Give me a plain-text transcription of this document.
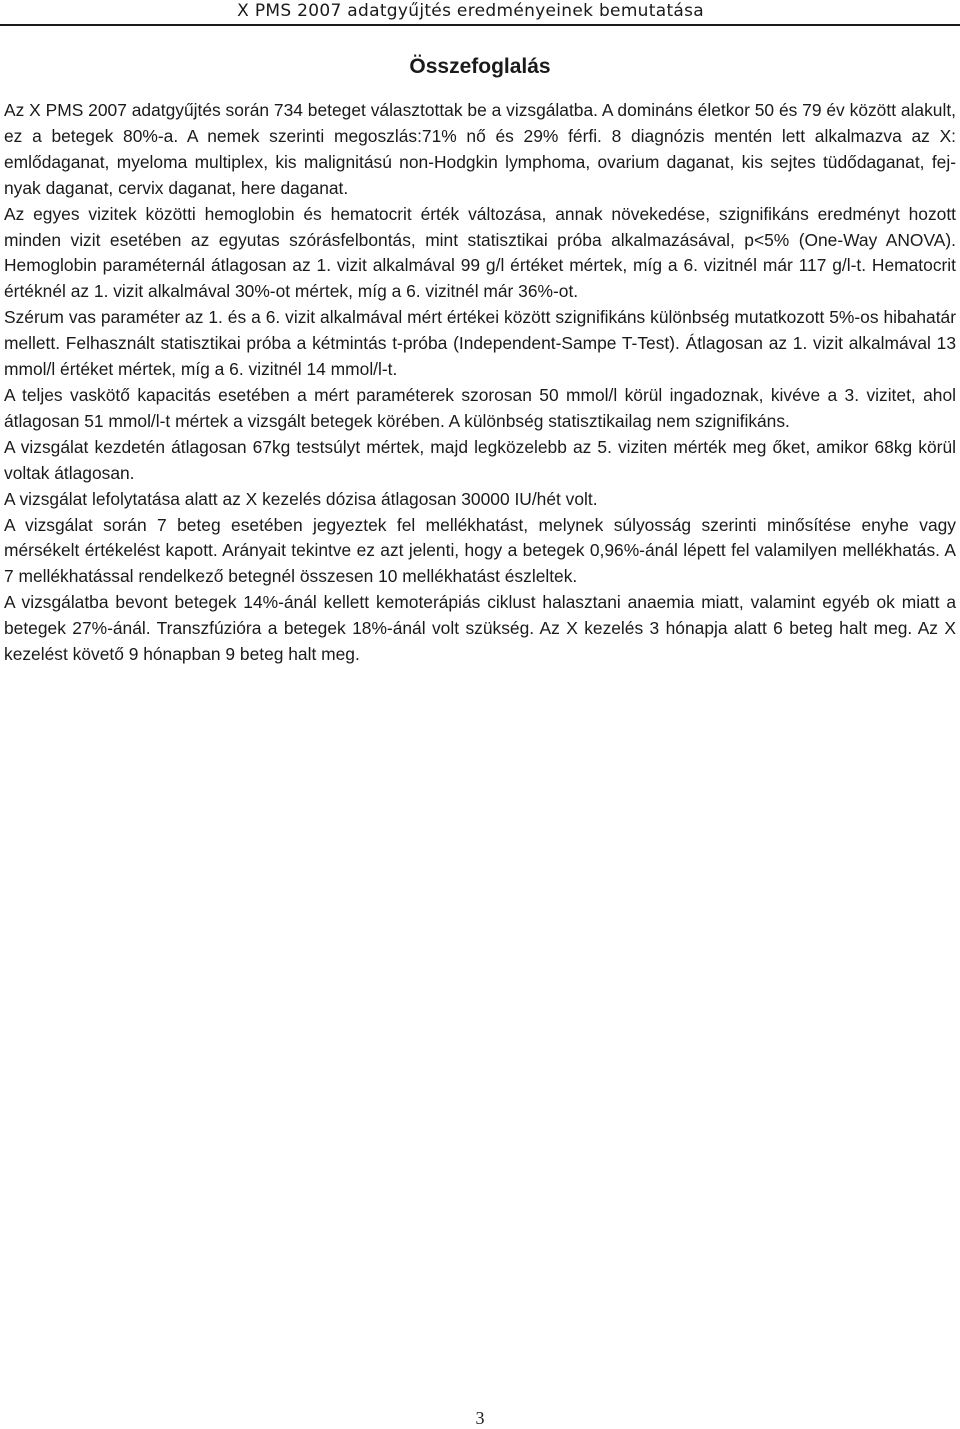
X PMS 2007 adatgyűjtés eredményeinek bemutatása
Összefoglalás

Az X PMS 2007 adatgyűjtés során 734 beteget választottak be a vizsgálatba. A domináns életkor 50 és 79 év között alakult, ez a betegek 80%-a. A nemek szerinti megoszlás:71% nő és 29% férfi. 8 diagnózis mentén lett alkalmazva az X: emlődaganat, myeloma multiplex, kis malignitású non-Hodgkin lymphoma, ovarium daganat, kis sejtes tüdődaganat, fej-nyak daganat, cervix daganat, here daganat.

Az egyes vizitek közötti hemoglobin és hematocrit érték változása, annak növekedése, szignifikáns eredményt hozott minden vizit esetében az egyutas szórásfelbontás, mint statisztikai próba alkalmazásával, p<5% (One-Way ANOVA). Hemoglobin paraméternál átlagosan az 1. vizit alkalmával 99 g/l értéket mértek, míg a 6. vizitnél már 117 g/l-t. Hematocrit értéknél az 1. vizit alkalmával 30%-ot mértek, míg a 6. vizitnél már 36%-ot.

Szérum vas paraméter az 1. és a 6. vizit alkalmával mért értékei között szignifikáns különbség mutatkozott 5%-os hibahatár mellett. Felhasznált statisztikai próba a kétmintás t-próba (Independent-Sampe T-Test). Átlagosan az 1. vizit alkalmával 13 mmol/l értéket mértek, míg a 6. vizitnél 14 mmol/l-t.

A teljes vaskötő kapacitás esetében a mért paraméterek szorosan 50 mmol/l körül ingadoznak, kivéve a 3. vizitet, ahol átlagosan 51 mmol/l-t mértek a vizsgált betegek körében. A különbség statisztikailag nem szignifikáns.

A vizsgálat kezdetén átlagosan 67kg testsúlyt mértek, majd legközelebb az 5. viziten mérték meg őket, amikor 68kg körül voltak átlagosan.

A vizsgálat lefolytatása alatt az X kezelés dózisa átlagosan 30000 IU/hét volt.

A vizsgálat során 7 beteg esetében jegyeztek fel mellékhatást, melynek súlyosság szerinti minősítése enyhe vagy mérsékelt értékelést kapott. Arányait tekintve ez azt jelenti, hogy a betegek 0,96%-ánál lépett fel valamilyen mellékhatás. A 7 mellékhatással rendelkező betegnél összesen 10 mellékhatást észleltek.

A vizsgálatba bevont betegek 14%-ánál kellett kemoterápiás ciklust halasztani anaemia miatt, valamint egyéb ok miatt a betegek 27%-ánál. Transzfúzióra a betegek 18%-ánál volt szükség. Az X kezelés 3 hónapja alatt 6 beteg halt meg. Az X kezelést követő 9 hónapban 9 beteg halt meg.

3
